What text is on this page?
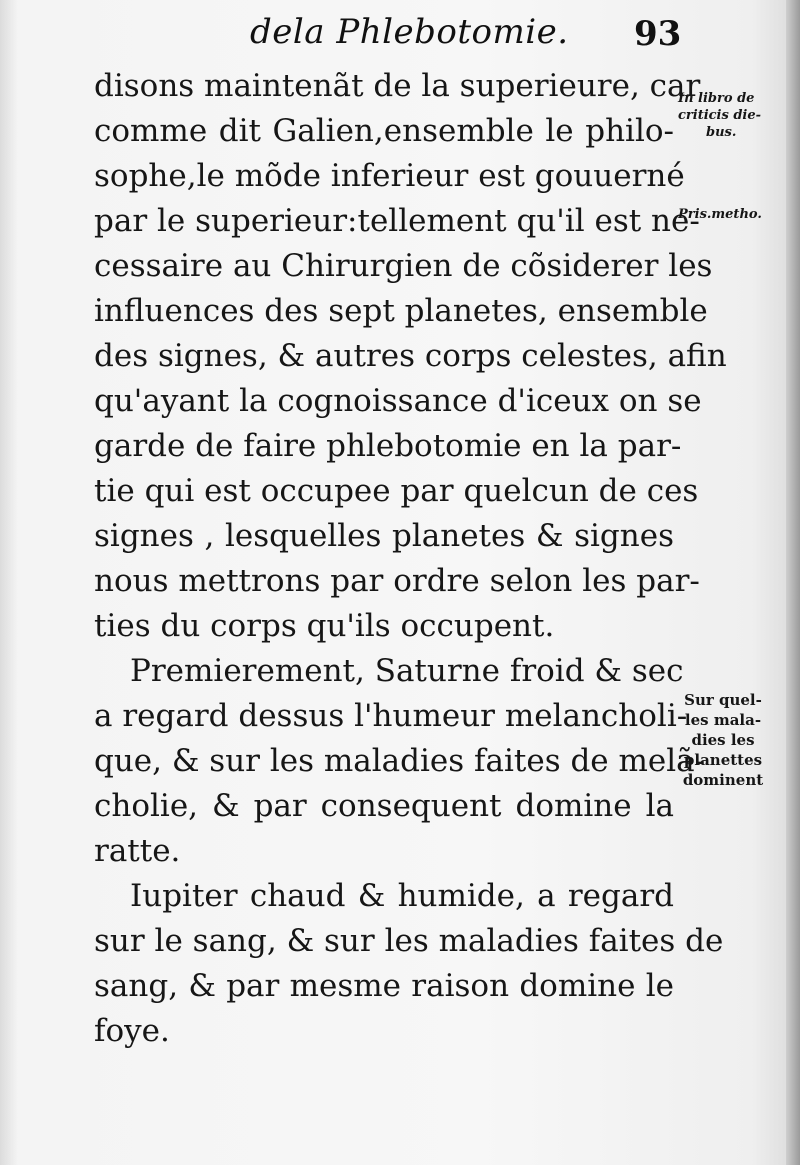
dela Phlebotomie. 93
disons maintenãt de la superieure, car
comme dit Galien,ensemble le philo-
sophe,le mõde inferieur est gouuerné
par le superieur:tellement qu'il est ne-
cessaire au Chirurgien de cõsiderer les
influences des sept planetes, ensemble
des signes, & autres corps celestes, afin
qu'ayant la cognoissance d'iceux on se
garde de faire phlebotomie en la par-
tie qui est occupee par quelcun de ces
signes , lesquelles planetes & signes
nous mettrons par ordre selon les par-
ties du corps qu'ils occupent.
Premierement, Saturne froid & sec
a regard dessus l'humeur melancholi-
que, & sur les maladies faites de melã-
cholie, & par consequent domine la
ratte.
Iupiter chaud & humide, a regard
sur le sang, & sur les maladies faites de
sang, & par mesme raison domine le
foye.
In libro de
criticis die-
bus.
Pris.metho.
Sur quel-
les mala-
dies les
planettes
dominent
